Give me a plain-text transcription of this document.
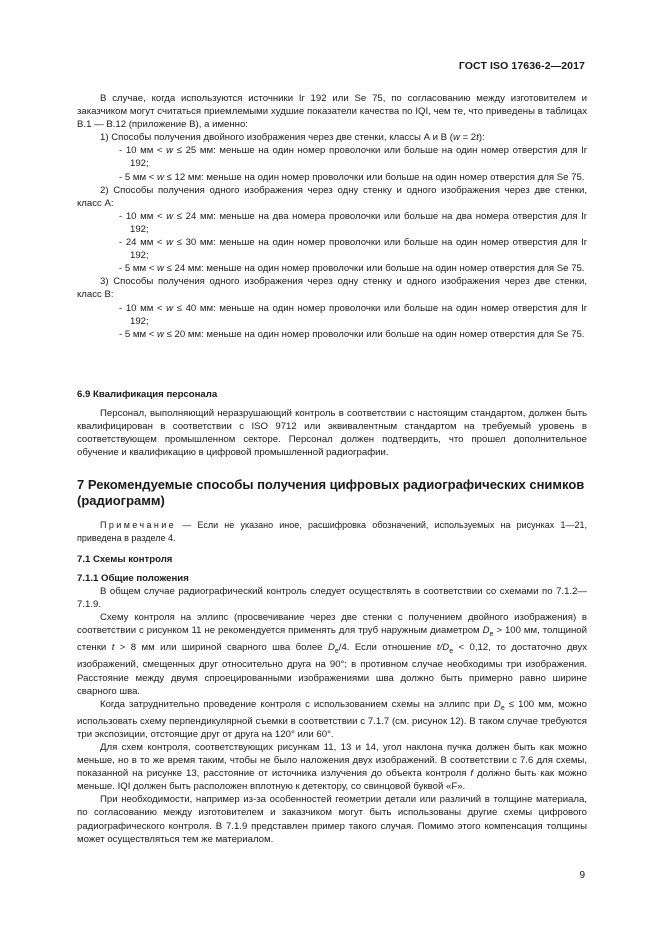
ГОСТ ISO 17636-2—2017

В случае, когда используются источники Ir 192 или Se 75, по согласованию между изготовителем и заказчиком могут считаться приемлемыми худшие показатели качества по IQI, чем те, что приведены в таблицах В.1 — В.12 (приложение В), а именно:

1) Способы получения двойного изображения через две стенки, классы А и В (w = 2t):

- 10 мм < w ≤ 25 мм: меньше на один номер проволочки или больше на один номер отверстия для Ir 192;

- 5 мм < w ≤ 12 мм: меньше на один номер проволочки или больше на один номер отверстия для Se 75.

2) Способы получения одного изображения через одну стенку и одного изображения через две стенки, класс А:

- 10 мм < w ≤ 24 мм: меньше на два номера проволочки или больше на два номера отверстия для Ir 192;

- 24 мм < w ≤ 30 мм: меньше на один номер проволочки или больше на один номер отверстия для Ir 192;

- 5 мм < w ≤ 24 мм: меньше на один номер проволочки или больше на один номер отверстия для Se 75.

3) Способы получения одного изображения через одну стенку и одного изображения через две стенки, класс В:

- 10 мм < w ≤ 40 мм: меньше на один номер проволочки или больше на один номер отверстия для Ir 192;

- 5 мм < w ≤ 20 мм: меньше на один номер проволочки или больше на один номер отверстия для Se 75.

6.9 Квалификация персонала

Персонал, выполняющий неразрушающий контроль в соответствии с настоящим стандартом, должен быть квалифицирован в соответствии с ISO 9712 или эквивалентным стандартом на требуемый уровень в соответствующем промышленном секторе. Персонал должен подтвердить, что прошел дополнительное обучение и квалификацию в цифровой промышленной радиографии.

7 Рекомендуемые способы получения цифровых радиографических снимков (радиограмм)

Примечание — Если не указано иное, расшифровка обозначений, используемых на рисунках 1—21, приведена в разделе 4.

7.1 Схемы контроля

7.1.1 Общие положения

В общем случае радиографический контроль следует осуществлять в соответствии со схемами по 7.1.2—7.1.9.

Схему контроля на эллипс (просвечивание через две стенки с получением двойного изображения) в соответствии с рисунком 11 не рекомендуется применять для труб наружным диаметром $D_e > 100$ мм, толщиной стенки t > 8 мм или шириной сварного шва более $D_e/4$. Если отношение $t/D_e < 0,12$, то достаточно двух изображений, смещенных друг относительно друга на 90°; в противном случае необходимы три изображения. Расстояние между двумя спроецированными изображениями шва должно быть примерно равно ширине сварного шва.

Когда затруднительно проведение контроля с использованием схемы на эллипс при $D_e \le 100$ мм, можно использовать схему перпендикулярной съемки в соответствии с 7.1.7 (см. рисунок 12). В таком случае требуются три экспозиции, отстоящие друг от друга на 120° или 60°.

Для схем контроля, соответствующих рисункам 11, 13 и 14, угол наклона пучка должен быть как можно меньше, но в то же время таким, чтобы не было наложения двух изображений. В соответствии с 7.6 для схемы, показанной на рисунке 13, расстояние от источника излучения до объекта контроля f должно быть как можно меньше. IQI должен быть расположен вплотную к детектору, со свинцовой буквой «F».

При необходимости, например из-за особенностей геометрии детали или различий в толщине материала, по согласованию между изготовителем и заказчиком могут быть использованы другие схемы цифрового радиографического контроля. В 7.1.9 представлен пример такого случая. Помимо этого компенсация толщины может осуществляться тем же материалом.

9
